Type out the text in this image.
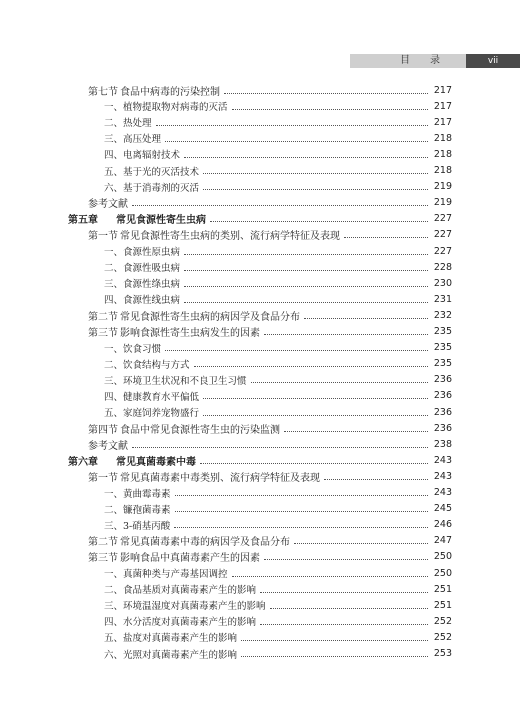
目 录	vii
第七节 食品中病毒的污染控制	217
一、植物提取物对病毒的灭活	217
二、热处理	217
三、高压处理	218
四、电离辐射技术	218
五、基于光的灭活技术	218
六、基于消毒剂的灭活	219
参考文献	219
第五章 常见食源性寄生虫病	227
第一节 常见食源性寄生虫病的类别、流行病学特征及表现	227
一、食源性原虫病	227
二、食源性吸虫病	228
三、食源性绦虫病	230
四、食源性线虫病	231
第二节 常见食源性寄生虫病的病因学及食品分布	232
第三节 影响食源性寄生虫病发生的因素	235
一、饮食习惯	235
二、饮食结构与方式	235
三、环境卫生状况和不良卫生习惯	236
四、健康教育水平偏低	236
五、家庭饲养宠物盛行	236
第四节 食品中常见食源性寄生虫的污染监测	236
参考文献	238
第六章 常见真菌毒素中毒	243
第一节 常见真菌毒素中毒类别、流行病学特征及表现	243
一、黄曲霉毒素	243
二、镰孢菌毒素	245
三、3-硝基丙酸	246
第二节 常见真菌毒素中毒的病因学及食品分布	247
第三节 影响食品中真菌毒素产生的因素	250
一、真菌种类与产毒基因调控	250
二、食品基质对真菌毒素产生的影响	251
三、环境温湿度对真菌毒素产生的影响	251
四、水分活度对真菌毒素产生的影响	252
五、盐度对真菌毒素产生的影响	252
六、光照对真菌毒素产生的影响	253
